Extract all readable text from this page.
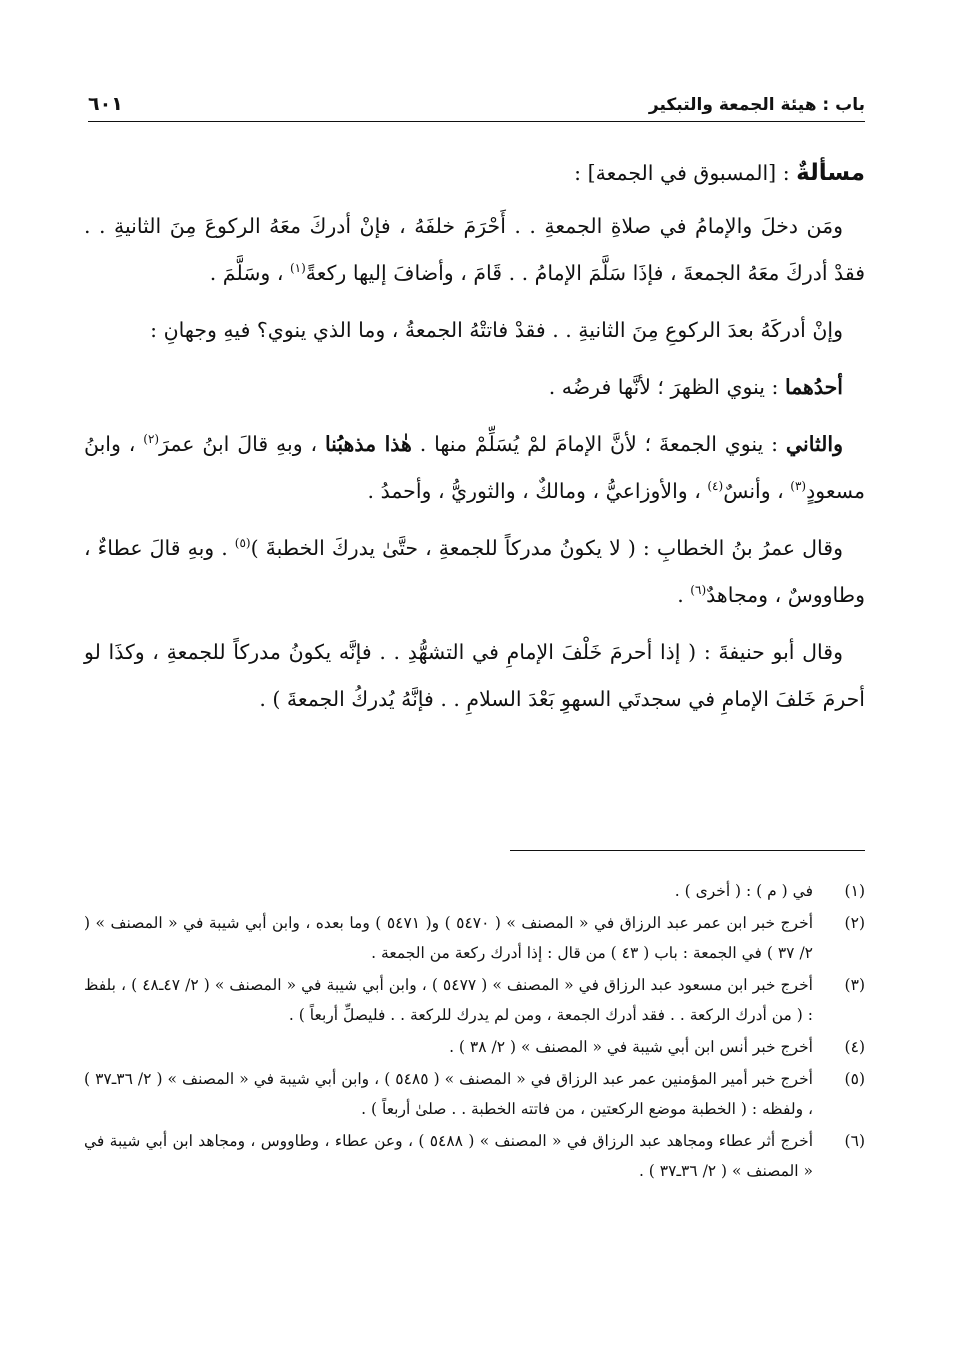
باب : هيئة الجمعة والتبكير
٦٠١

مسألةٌ : [المسبوق في الجمعة] :

ومَن دخلَ والإمامُ في صلاةِ الجمعةِ . . أَحْرَمَ خلفَهُ ، فإنْ أدركَ معَهُ الركوعَ مِنَ الثانيةِ . . فقدْ أدركَ معَهُ الجمعةَ ، فإذَا سَلَّمَ الإمامُ . . قَامَ ، وأضافَ إليها ركعةً$^{(١)}$ ، وسَلَّمَ .

وإنْ أدركَهُ بعدَ الركوعِ مِنَ الثانيةِ . . فقدْ فاتتْهُ الجمعةُ ، وما الذي ينوي؟ فيهِ وجهانِ :

أحدُهما : ينوي الظهرَ ؛ لأنَّها فرضُه .

والثاني : ينوي الجمعةَ ؛ لأنَّ الإمامَ لمْ يُسَلِّمْ منها . هٰذا مذهبُنا ، وبهِ قالَ ابنُ عمرَ$^{(٢)}$ ، وابنُ مسعودٍ$^{(٣)}$ ، وأنسٌ$^{(٤)}$ ، والأوزاعيُّ ، ومالكٌ ، والثوريُّ ، وأحمدُ .

وقال عمرُ بنُ الخطابِ : ( لا يكونُ مدركاً للجمعةِ ، حتَّىٰ يدركَ الخطبةَ )$^{(٥)}$ . وبهِ قالَ عطاءٌ ، وطاووسٌ ، ومجاهدٌ$^{(٦)}$ .

وقال أبو حنيفةَ : ( إذا أحرمَ خَلْفَ الإمامِ في التشهُّدِ . . فإنَّه يكونُ مدركاً للجمعةِ ، وكذَا لو أحرمَ خَلفَ الإمامِ في سجدتَي السهوِ بَعْدَ السلامِ . . فإنَّهُ يُدركُ الجمعةَ ) .

(١)
في ( م ) : ( أخرى ) .
(٢)
أخرج خبر ابن عمر عبد الرزاق في « المصنف » ( ٥٤٧٠ ) و( ٥٤٧١ ) وما بعده ، وابن أبي شيبة في « المصنف » ( ٢/ ٣٧ ) في الجمعة : باب ( ٤٣ ) من قال : إذا أدرك ركعة من الجمعة .
(٣)
أخرج خبر ابن مسعود عبد الرزاق في « المصنف » ( ٥٤٧٧ ) ، وابن أبي شيبة في « المصنف » ( ٢/ ٤٧ـ٤٨ ) ، بلفظ : ( من أدرك الركعة . . فقد أدرك الجمعة ، ومن لم يدرك للركعة . . فليصلِّ أربعاً ) .
(٤)
أخرج خبر أنس ابن أبي شيبة في « المصنف » ( ٢/ ٣٨ ) .
(٥)
أخرج خبر أمير المؤمنين عمر عبد الرزاق في « المصنف » ( ٥٤٨٥ ) ، وابن أبي شيبة في « المصنف » ( ٢/ ٣٦ـ٣٧ ) ، ولفظه : ( الخطبة موضع الركعتين ، من فاتته الخطبة . . صلىٰ أربعاً ) .
(٦)
أخرج أثر عطاء ومجاهد عبد الرزاق في « المصنف » ( ٥٤٨٨ ) ، وعن عطاء ، وطاووس ، ومجاهد ابن أبي شيبة في « المصنف » ( ٢/ ٣٦ـ٣٧ ) .
